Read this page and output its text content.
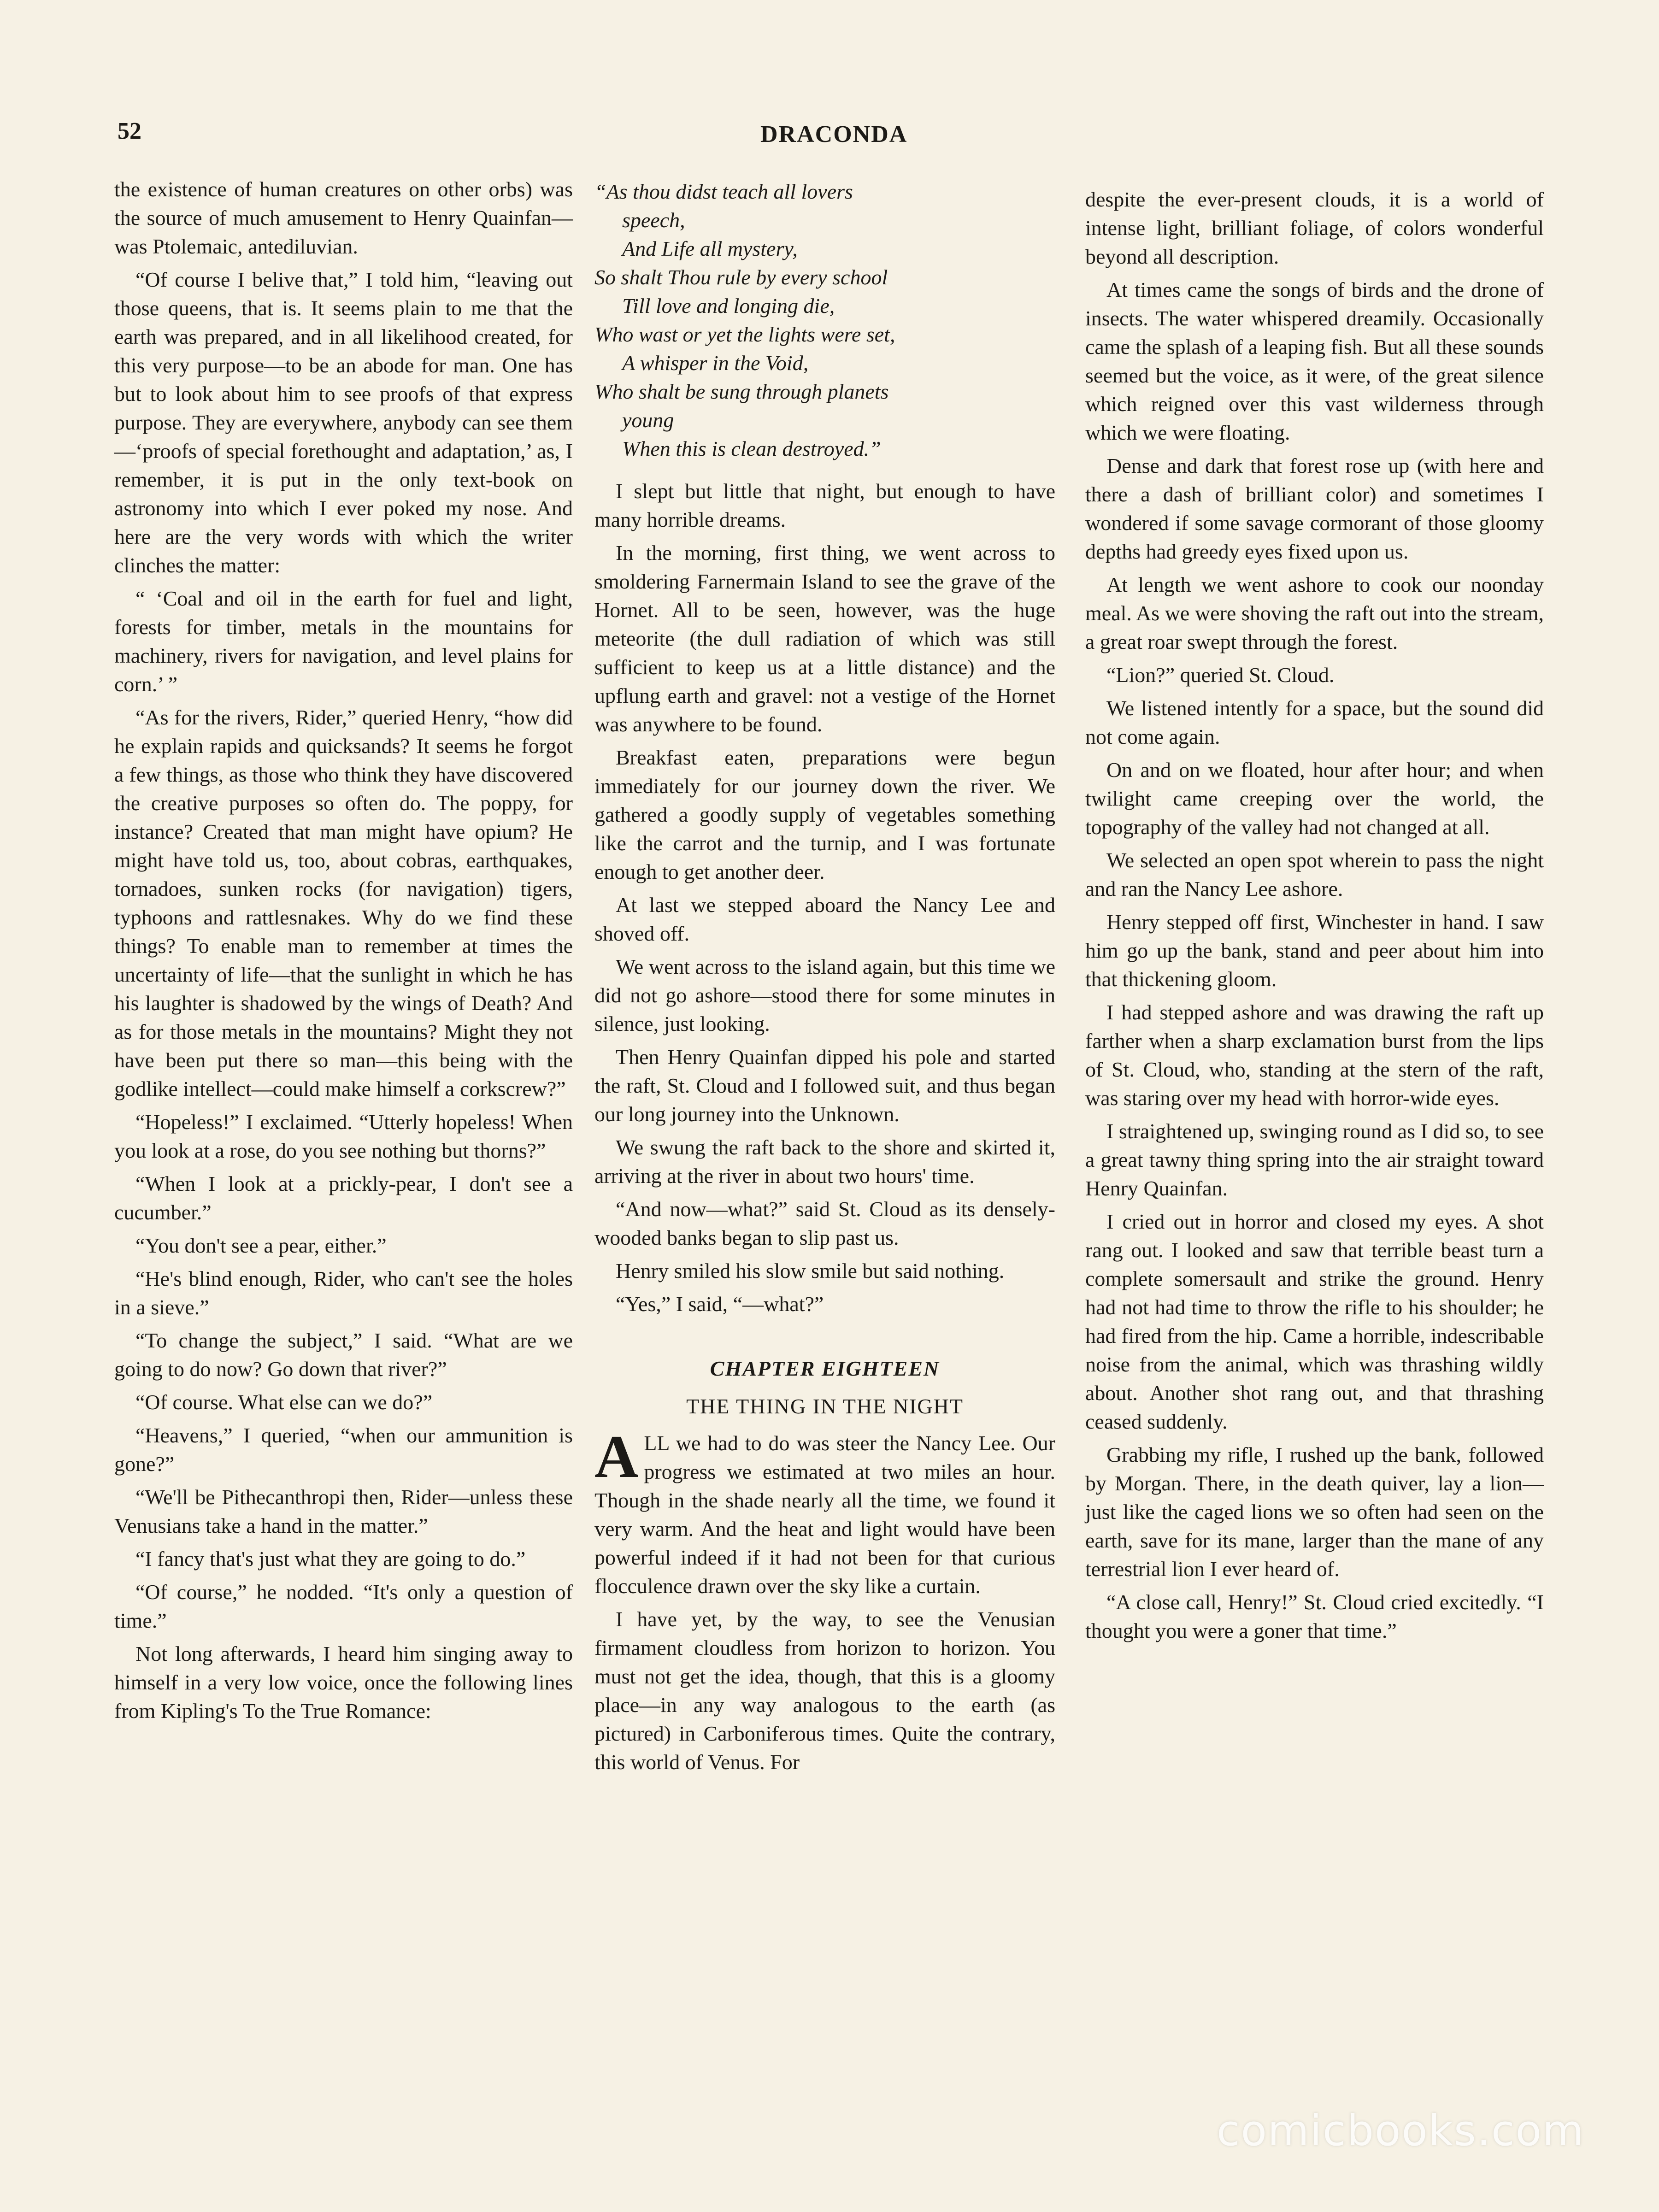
52	DRACONDA

the existence of human creatures on other orbs) was the source of much amusement to Henry Quainfan—was Ptolemaic, antediluvian.

“Of course I belive that,” I told him, “leaving out those queens, that is. It seems plain to me that the earth was prepared, and in all likelihood created, for this very purpose—to be an abode for man. One has but to look about him to see proofs of that express purpose. They are everywhere, anybody can see them—‘proofs of special forethought and adaptation,’ as, I remember, it is put in the only text-book on astronomy into which I ever poked my nose. And here are the very words with which the writer clinches the matter:

“ ‘Coal and oil in the earth for fuel and light, forests for timber, metals in the mountains for machinery, rivers for navigation, and level plains for corn.’ ”

“As for the rivers, Rider,” queried Henry, “how did he explain rapids and quicksands? It seems he forgot a few things, as those who think they have discovered the creative purposes so often do. The poppy, for instance? Created that man might have opium? He might have told us, too, about cobras, earthquakes, tornadoes, sunken rocks (for navigation) tigers, typhoons and rattlesnakes. Why do we find these things? To enable man to remember at times the uncertainty of life—that the sunlight in which he has his laughter is shadowed by the wings of Death? And as for those metals in the mountains? Might they not have been put there so man—this being with the godlike intellect—could make himself a corkscrew?”

“Hopeless!” I exclaimed. “Utterly hopeless! When you look at a rose, do you see nothing but thorns?”

“When I look at a prickly-pear, I don't see a cucumber.”

“You don't see a pear, either.”

“He's blind enough, Rider, who can't see the holes in a sieve.”

“To change the subject,” I said. “What are we going to do now? Go down that river?”

“Of course. What else can we do?”

“Heavens,” I queried, “when our ammunition is gone?”

“We'll be Pithecanthropi then, Rider—unless these Venusians take a hand in the matter.”

“I fancy that's just what they are going to do.”

“Of course,” he nodded. “It's only a question of time.”

Not long afterwards, I heard him singing away to himself in a very low voice, once the following lines from Kipling's To the True Romance:

“As thou didst teach all lovers
speech,
And Life all mystery,
So shalt Thou rule by every school
Till love and longing die,
Who wast or yet the lights were set,
A whisper in the Void,
Who shalt be sung through planets
young
When this is clean destroyed.”

I slept but little that night, but enough to have many horrible dreams.

In the morning, first thing, we went across to smoldering Farnermain Island to see the grave of the Hornet. All to be seen, however, was the huge meteorite (the dull radiation of which was still sufficient to keep us at a little distance) and the upflung earth and gravel: not a vestige of the Hornet was anywhere to be found.

Breakfast eaten, preparations were begun immediately for our journey down the river. We gathered a goodly supply of vegetables something like the carrot and the turnip, and I was fortunate enough to get another deer.

At last we stepped aboard the Nancy Lee and shoved off.

We went across to the island again, but this time we did not go ashore—stood there for some minutes in silence, just looking.

Then Henry Quainfan dipped his pole and started the raft, St. Cloud and I followed suit, and thus began our long journey into the Unknown.

We swung the raft back to the shore and skirted it, arriving at the river in about two hours' time.

“And now—what?” said St. Cloud as its densely-wooded banks began to slip past us.

Henry smiled his slow smile but said nothing.

“Yes,” I said, “—what?”

CHAPTER EIGHTEEN
THE THING IN THE NIGHT

ALL we had to do was steer the Nancy Lee. Our progress we estimated at two miles an hour. Though in the shade nearly all the time, we found it very warm. And the heat and light would have been powerful indeed if it had not been for that curious flocculence drawn over the sky like a curtain.

I have yet, by the way, to see the Venusian firmament cloudless from horizon to horizon. You must not get the idea, though, that this is a gloomy place—in any way analogous to the earth (as pictured) in Carboniferous times. Quite the contrary, this world of Venus. For

despite the ever-present clouds, it is a world of intense light, brilliant foliage, of colors wonderful beyond all description.

At times came the songs of birds and the drone of insects. The water whispered dreamily. Occasionally came the splash of a leaping fish. But all these sounds seemed but the voice, as it were, of the great silence which reigned over this vast wilderness through which we were floating.

Dense and dark that forest rose up (with here and there a dash of brilliant color) and sometimes I wondered if some savage cormorant of those gloomy depths had greedy eyes fixed upon us.

At length we went ashore to cook our noonday meal. As we were shoving the raft out into the stream, a great roar swept through the forest.

“Lion?” queried St. Cloud.

We listened intently for a space, but the sound did not come again.

On and on we floated, hour after hour; and when twilight came creeping over the world, the topography of the valley had not changed at all.

We selected an open spot wherein to pass the night and ran the Nancy Lee ashore.

Henry stepped off first, Winchester in hand. I saw him go up the bank, stand and peer about him into that thickening gloom.

I had stepped ashore and was drawing the raft up farther when a sharp exclamation burst from the lips of St. Cloud, who, standing at the stern of the raft, was staring over my head with horror-wide eyes.

I straightened up, swinging round as I did so, to see a great tawny thing spring into the air straight toward Henry Quainfan.

I cried out in horror and closed my eyes. A shot rang out. I looked and saw that terrible beast turn a complete somersault and strike the ground. Henry had not had time to throw the rifle to his shoulder; he had fired from the hip. Came a horrible, indescribable noise from the animal, which was thrashing wildly about. Another shot rang out, and that thrashing ceased suddenly.

Grabbing my rifle, I rushed up the bank, followed by Morgan. There, in the death quiver, lay a lion—just like the caged lions we so often had seen on the earth, save for its mane, larger than the mane of any terrestrial lion I ever heard of.

“A close call, Henry!” St. Cloud cried excitedly. “I thought you were a goner that time.”

comicbooks.com
